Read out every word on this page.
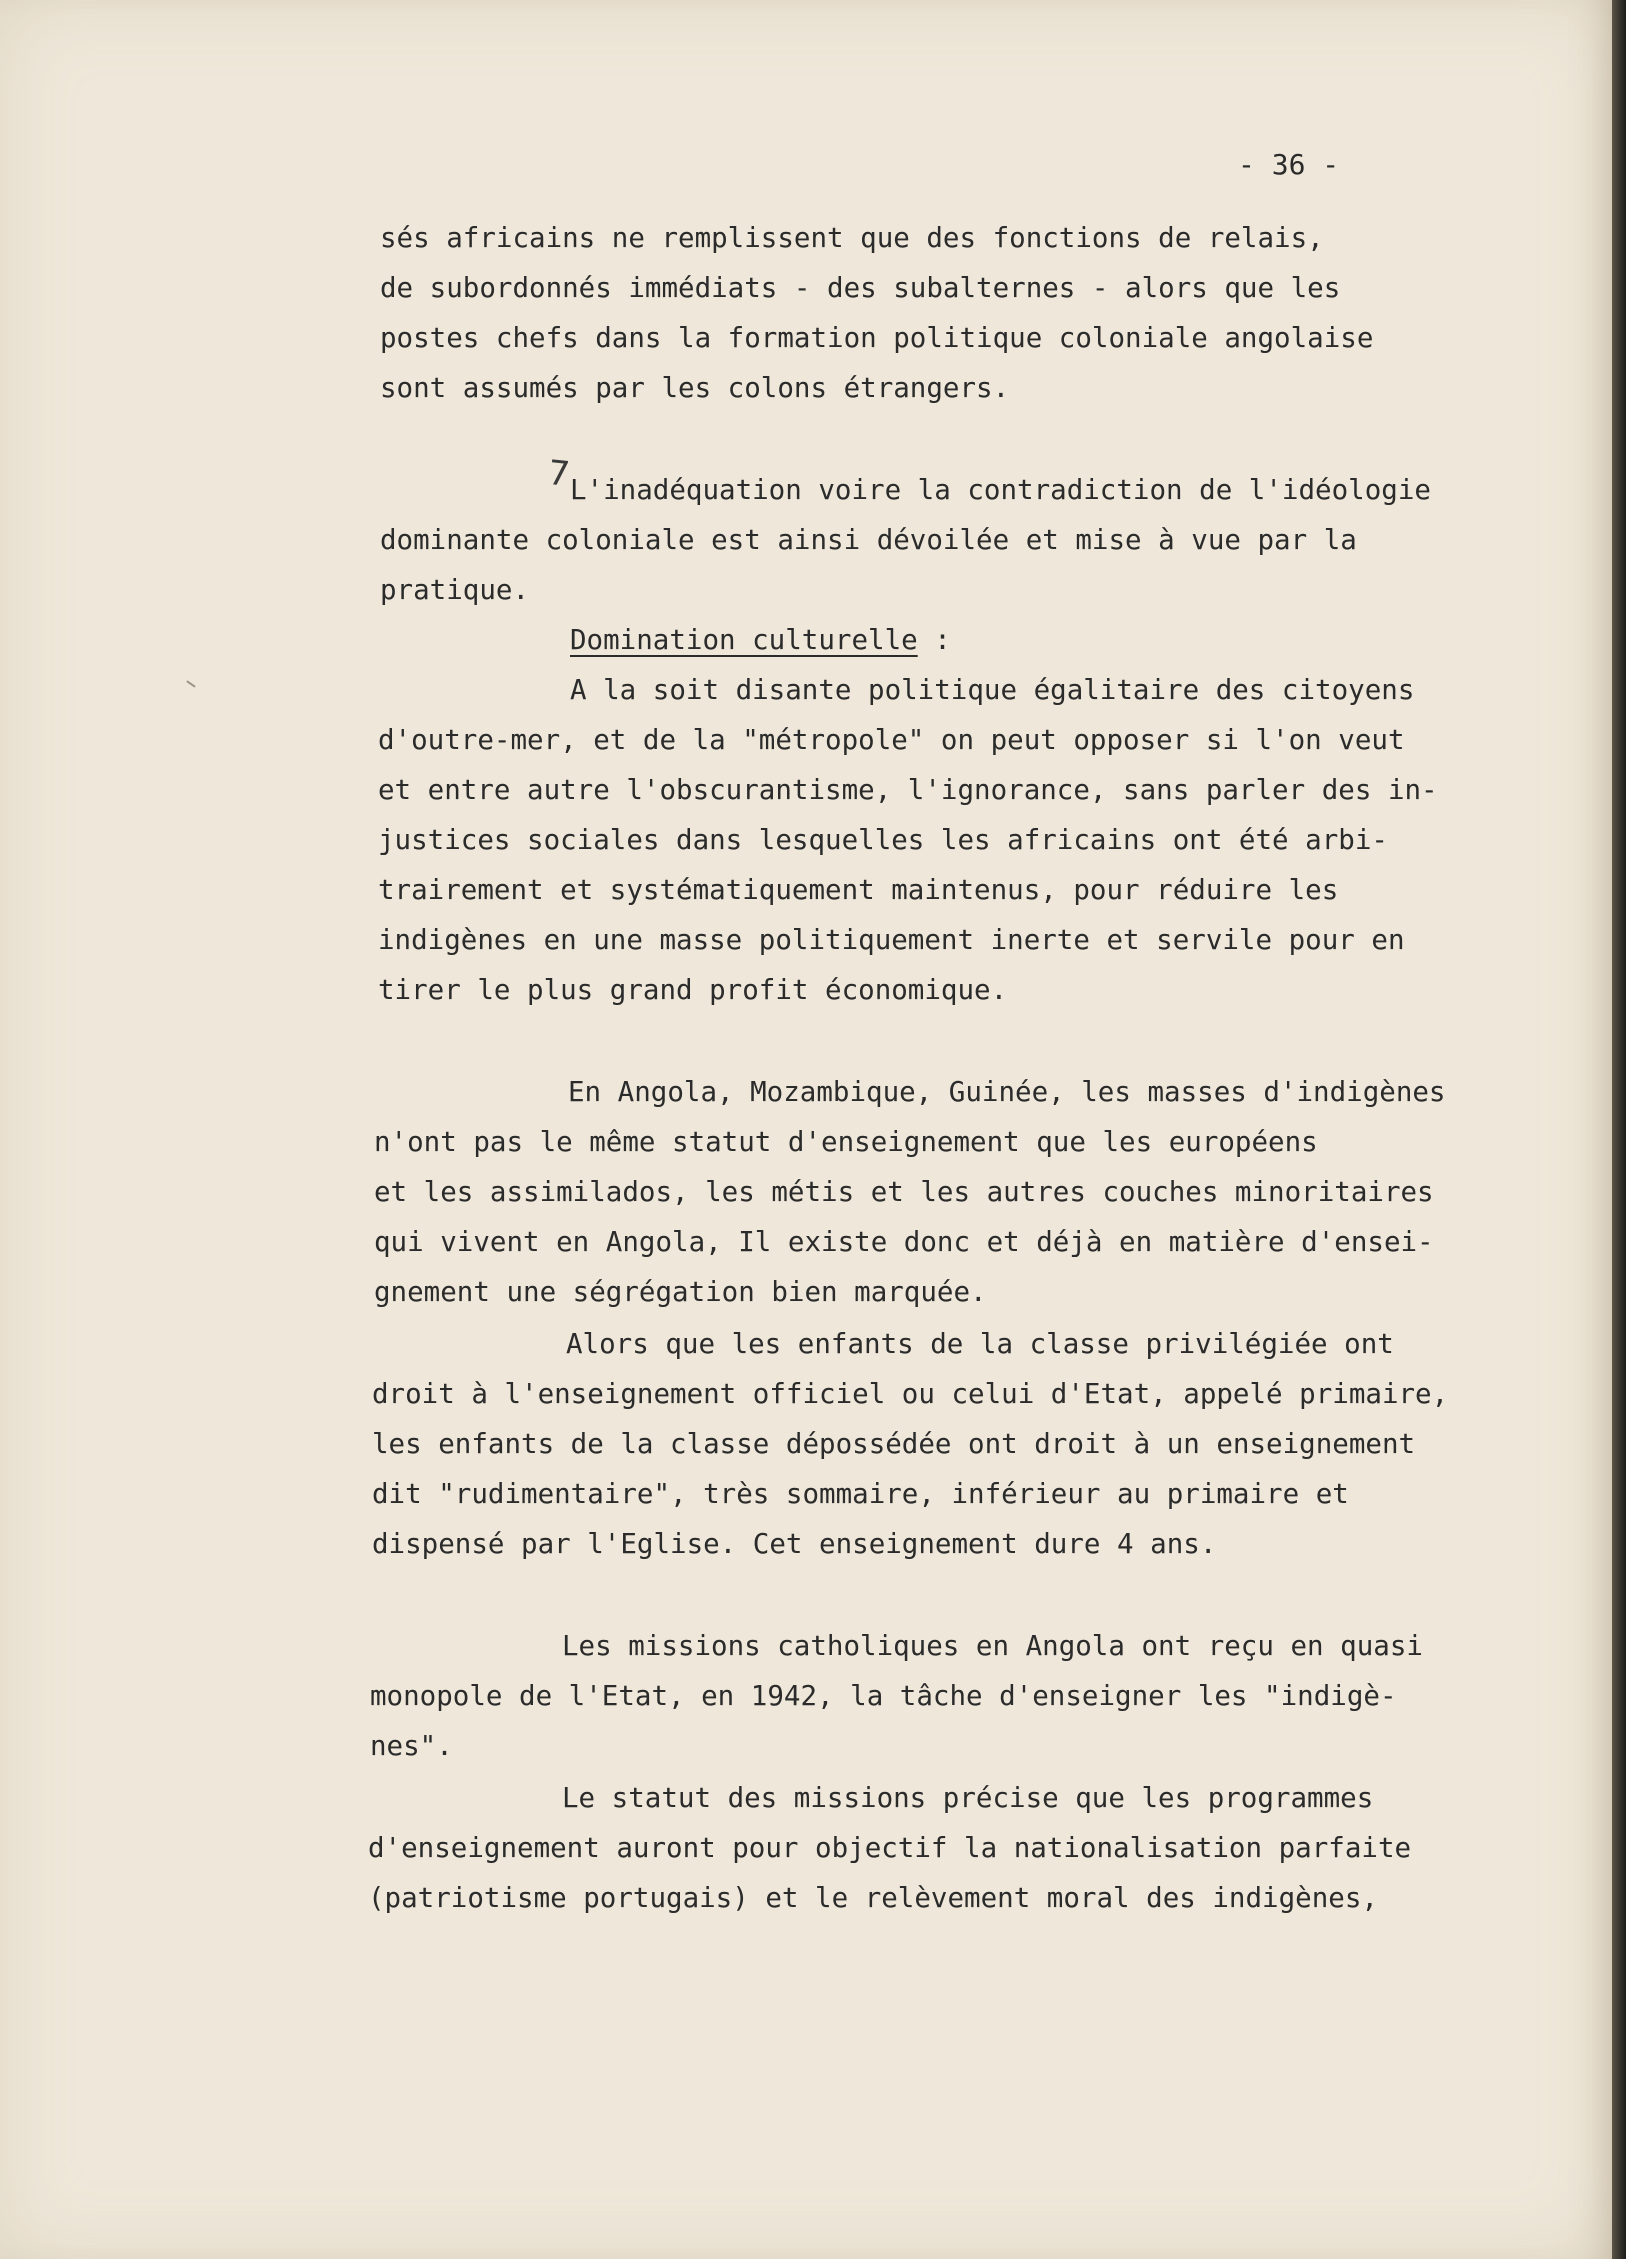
- 36 -
7
sés africains ne remplissent que des fonctions de relais,
de subordonnés immédiats - des subalternes - alors que les
postes chefs dans la formation politique coloniale angolaise
sont assumés par les colons étrangers.
L'inadéquation voire la contradiction de l'idéologie
dominante coloniale est ainsi dévoilée et mise à vue par la
pratique.
Domination culturelle :
A la soit disante politique égalitaire des citoyens
d'outre-mer, et de la "métropole" on peut opposer si l'on veut
et entre autre l'obscurantisme, l'ignorance, sans parler des in-
justices sociales dans lesquelles les africains ont été arbi-
trairement et systématiquement maintenus, pour réduire les
indigènes en une masse politiquement inerte et servile pour en
tirer le plus grand profit économique.
En Angola, Mozambique, Guinée, les masses d'indigènes
n'ont pas le même statut d'enseignement que les européens
et les assimilados, les métis et les autres couches minoritaires
qui vivent en Angola, Il existe donc et déjà en matière d'ensei-
gnement une ségrégation bien marquée.
Alors que les enfants de la classe privilégiée ont
droit à l'enseignement officiel ou celui d'Etat, appelé primaire,
les enfants de la classe dépossédée ont droit à un enseignement
dit "rudimentaire", très sommaire, inférieur au primaire et
dispensé par l'Eglise. Cet enseignement dure 4 ans.
Les missions catholiques en Angola ont reçu en quasi
monopole de l'Etat, en 1942, la tâche d'enseigner les "indigè-
nes".
Le statut des missions précise que les programmes
d'enseignement auront pour objectif la nationalisation parfaite
(patriotisme portugais) et le relèvement moral des indigènes,
